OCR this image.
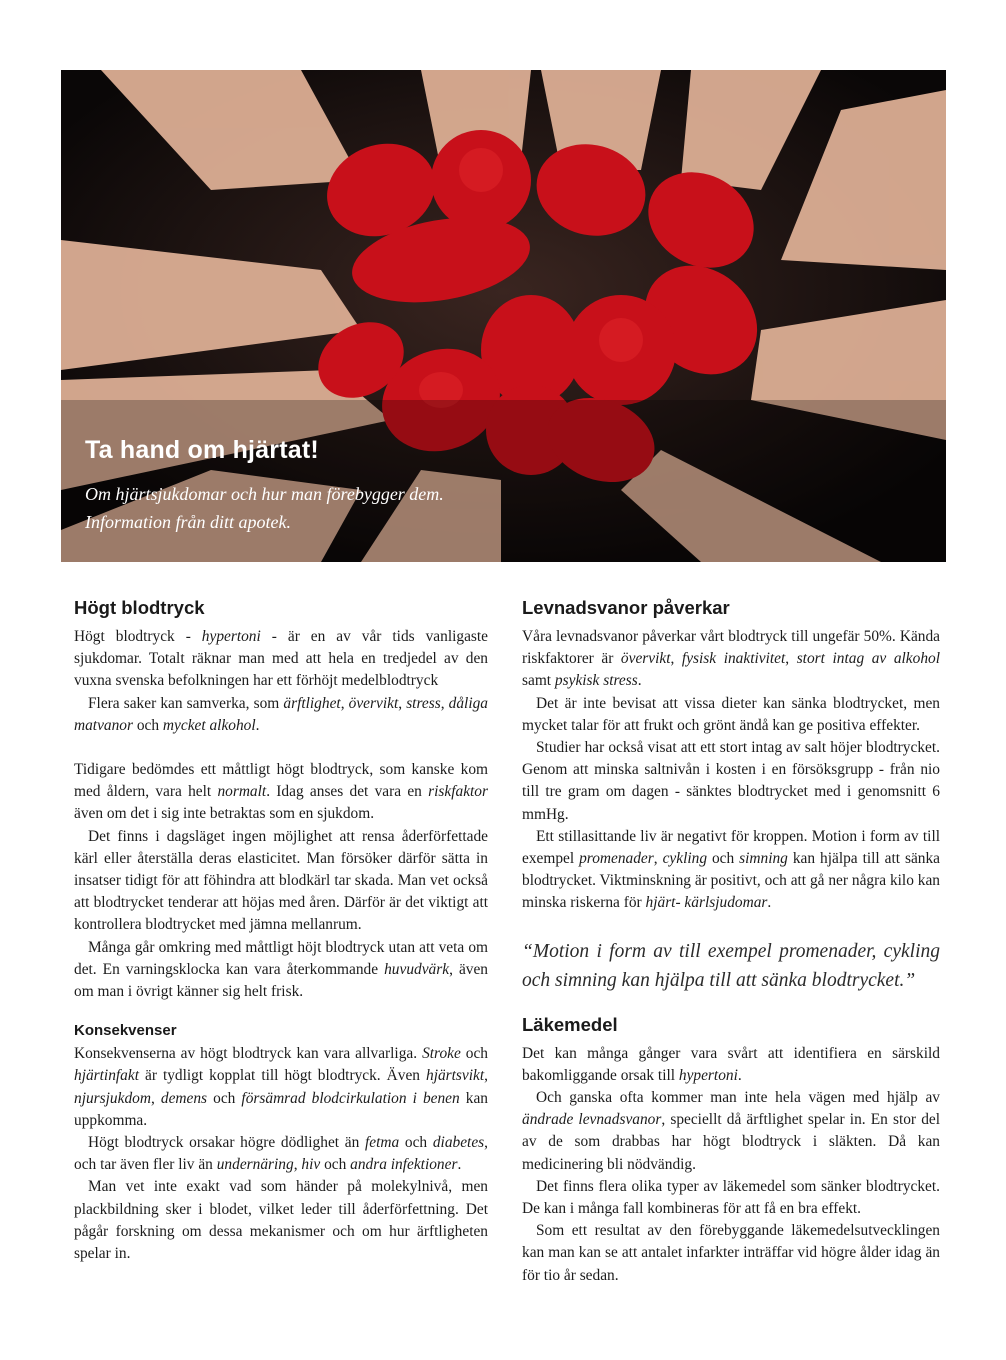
Ta hand om hjärtat!

Om hjärtsjukdomar och hur man förebygger dem.
Information från ditt apotek.

Högt blodtryck

Högt blodtryck - hypertoni - är en av vår tids vanligaste sjukdomar. Totalt räknar man med att hela en tredjedel av den vuxna svenska befolkningen har ett förhöjt medelblodtryck

Flera saker kan samverka, som ärftlighet, övervikt, stress, dåliga matvanor och mycket alkohol.

Tidigare bedömdes ett måttligt högt blodtryck, som kanske kom med åldern, vara helt normalt. Idag anses det vara en riskfaktor även om det i sig inte betraktas som en sjukdom.

Det finns i dagsläget ingen möjlighet att rensa åderförfettade kärl eller återställa deras elasticitet. Man försöker därför sätta in insatser tidigt för att föhindra att blodkärl tar skada. Man vet också att blodtrycket tenderar att höjas med åren. Därför är det viktigt att kontrollera blodtrycket med jämna mellanrum.

Många går omkring med måttligt höjt blodtryck utan att veta om det. En varningsklocka kan vara återkommande huvudvärk, även om man i övrigt känner sig helt frisk.

Konsekvenser

Konsekvenserna av högt blodtryck kan vara allvarliga. Stroke och hjärtinfakt är tydligt kopplat till högt blodtryck. Även hjärtsvikt, njursjukdom, demens och försämrad blodcirkulation i benen kan uppkomma.

Högt blodtryck orsakar högre dödlighet än fetma och diabetes, och tar även fler liv än undernäring, hiv och andra infektioner.

Man vet inte exakt vad som händer på molekylnivå, men plackbildning sker i blodet, vilket leder till åderförfettning. Det pågår forskning om dessa mekanismer och om hur ärftligheten spelar in.

Levnadsvanor påverkar

Våra levnadsvanor påverkar vårt blodtryck till ungefär 50%. Kända riskfaktorer är övervikt, fysisk inaktivitet, stort intag av alkohol samt psykisk stress.

Det är inte bevisat att vissa dieter kan sänka blodtrycket, men mycket talar för att frukt och grönt ändå kan ge positiva effekter.

Studier har också visat att ett stort intag av salt höjer blodtrycket. Genom att minska saltnivån i kosten i en försöksgrupp - från nio till tre gram om dagen - sänktes blodtrycket med i genomsnitt 6 mmHg.

Ett stillasittande liv är negativt för kroppen. Motion i form av till exempel promenader, cykling och simning kan hjälpa till att sänka blodtrycket. Viktminskning är positivt, och att gå ner några kilo kan minska riskerna för hjärt- kärlsjudomar.

“Motion i form av till exempel promenader, cykling och simning kan hjälpa till att sänka blodtrycket.”

Läkemedel

Det kan många gånger vara svårt att identifiera en särskild bakomliggande orsak till hypertoni.

Och ganska ofta kommer man inte hela vägen med hjälp av ändrade levnadsvanor, speciellt då ärftlighet spelar in. En stor del av de som drabbas har högt blodtryck i släkten. Då kan medicinering bli nödvändig.

Det finns flera olika typer av läkemedel som sänker blodtrycket. De kan i många fall kombineras för att få en bra effekt.

Som ett resultat av den förebyggande läkemedelsutvecklingen kan man kan se att antalet infarkter inträffar vid högre ålder idag än för tio år sedan.
